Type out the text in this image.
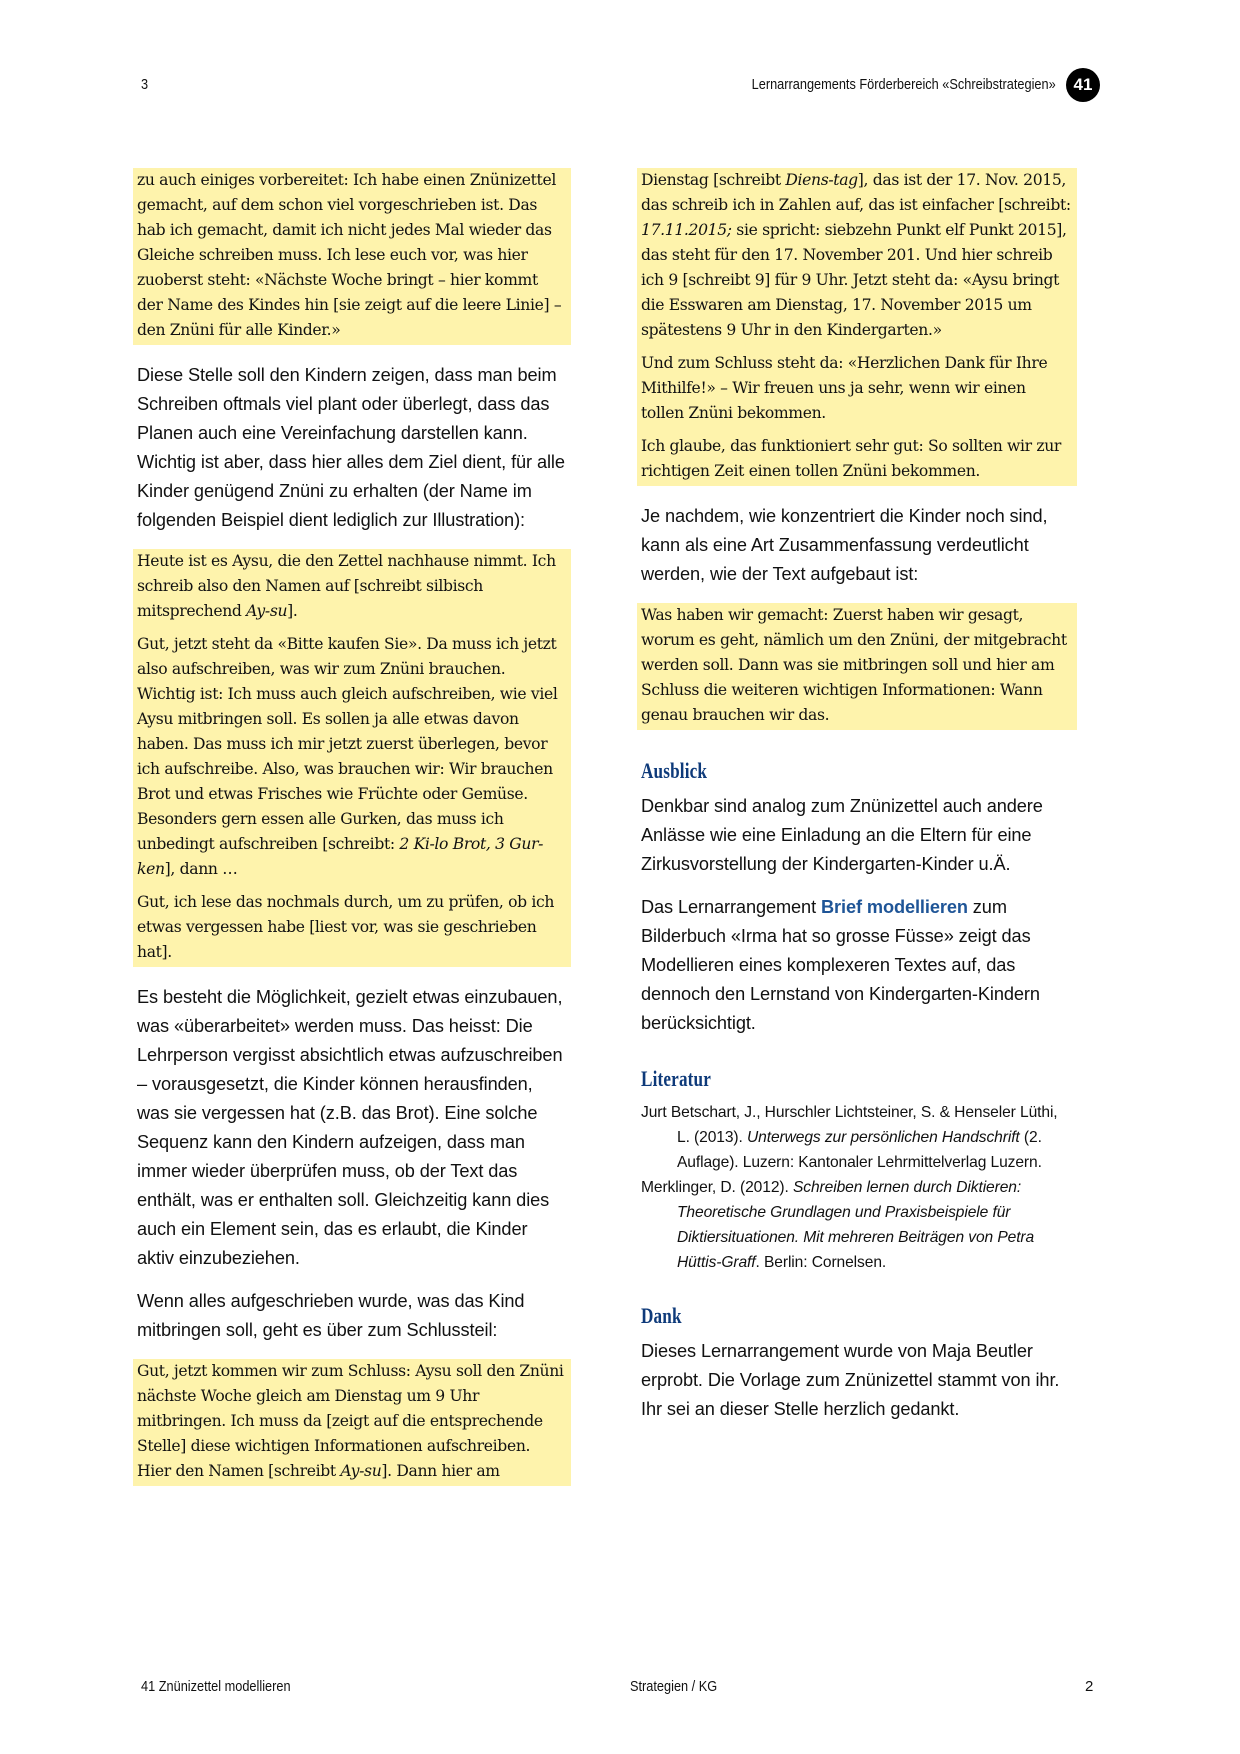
3	Lernarrangements Förderbereich «Schreibstrategien»	41

zu auch einiges vorbereitet: Ich habe einen Znünizettel gemacht, auf dem schon viel vorgeschrieben ist. Das hab ich gemacht, damit ich nicht jedes Mal wieder das Gleiche schreiben muss. Ich lese euch vor, was hier zuoberst steht: «Nächste Woche bringt – hier kommt der Name des Kindes hin [sie zeigt auf die leere Linie] – den Znüni für alle Kinder.»

Diese Stelle soll den Kindern zeigen, dass man beim Schreiben oftmals viel plant oder überlegt, dass das Planen auch eine Vereinfachung darstellen kann. Wichtig ist aber, dass hier alles dem Ziel dient, für alle Kinder genügend Znüni zu erhalten (der Name im folgenden Beispiel dient lediglich zur Illustration):

Heute ist es Aysu, die den Zettel nachhause nimmt. Ich schreib also den Namen auf [schreibt silbisch mitsprechend Ay-su].

Gut, jetzt steht da «Bitte kaufen Sie». Da muss ich jetzt also aufschreiben, was wir zum Znüni brauchen. Wichtig ist: Ich muss auch gleich aufschreiben, wie viel Aysu mitbringen soll. Es sollen ja alle etwas davon haben. Das muss ich mir jetzt zuerst überlegen, bevor ich aufschreibe. Also, was brauchen wir: Wir brauchen Brot und etwas Frisches wie Früchte oder Gemüse. Besonders gern essen alle Gurken, das muss ich unbedingt aufschreiben [schreibt: 2 Ki-lo Brot, 3 Gur-ken], dann …

Gut, ich lese das nochmals durch, um zu prüfen, ob ich etwas vergessen habe [liest vor, was sie geschrieben hat].

Es besteht die Möglichkeit, gezielt etwas einzubauen, was «überarbeitet» werden muss. Das heisst: Die Lehrperson vergisst absichtlich etwas aufzuschreiben – vorausgesetzt, die Kinder können herausfinden, was sie vergessen hat (z.B. das Brot). Eine solche Sequenz kann den Kindern aufzeigen, dass man immer wieder überprüfen muss, ob der Text das enthält, was er enthalten soll. Gleichzeitig kann dies auch ein Element sein, das es erlaubt, die Kinder aktiv einzubeziehen.

Wenn alles aufgeschrieben wurde, was das Kind mitbringen soll, geht es über zum Schlussteil:

Gut, jetzt kommen wir zum Schluss: Aysu soll den Znüni nächste Woche gleich am Dienstag um 9 Uhr mitbringen. Ich muss da [zeigt auf die entsprechende Stelle] diese wichtigen Informationen aufschreiben. Hier den Namen [schreibt Ay-su]. Dann hier am

Dienstag [schreibt Diens-tag], das ist der 17. Nov. 2015, das schreib ich in Zahlen auf, das ist einfacher [schreibt: 17.11.2015; sie spricht: siebzehn Punkt elf Punkt 2015], das steht für den 17. November 201. Und hier schreib ich 9 [schreibt 9] für 9 Uhr. Jetzt steht da: «Aysu bringt die Esswaren am Dienstag, 17. November 2015 um spätestens 9 Uhr in den Kindergarten.»

Und zum Schluss steht da: «Herzlichen Dank für Ihre Mithilfe!» – Wir freuen uns ja sehr, wenn wir einen tollen Znüni bekommen.

Ich glaube, das funktioniert sehr gut: So sollten wir zur richtigen Zeit einen tollen Znüni bekommen.

Je nachdem, wie konzentriert die Kinder noch sind, kann als eine Art Zusammenfassung verdeutlicht werden, wie der Text aufgebaut ist:

Was haben wir gemacht: Zuerst haben wir gesagt, worum es geht, nämlich um den Znüni, der mitgebracht werden soll. Dann was sie mitbringen soll und hier am Schluss die weiteren wichtigen Informationen: Wann genau brauchen wir das.

Ausblick

Denkbar sind analog zum Znünizettel auch andere Anlässe wie eine Einladung an die Eltern für eine Zirkusvorstellung der Kindergarten-Kinder u.Ä.

Das Lernarrangement Brief modellieren zum Bilderbuch «Irma hat so grosse Füsse» zeigt das Modellieren eines komplexeren Textes auf, das dennoch den Lernstand von Kindergarten-Kindern berücksichtigt.

Literatur

Jurt Betschart, J., Hurschler Lichtsteiner, S. & Henseler Lüthi, L. (2013). Unterwegs zur persönlichen Handschrift (2. Auflage). Luzern: Kantonaler Lehrmittelverlag Luzern.

Merklinger, D. (2012). Schreiben lernen durch Diktieren: Theoretische Grundlagen und Praxisbeispiele für Diktiersituationen. Mit mehreren Beiträgen von Petra Hüttis-Graff. Berlin: Cornelsen.

Dank

Dieses Lernarrangement wurde von Maja Beutler erprobt. Die Vorlage zum Znünizettel stammt von ihr. Ihr sei an dieser Stelle herzlich gedankt.

41 Znünizettel modellieren	Strategien / KG	2
